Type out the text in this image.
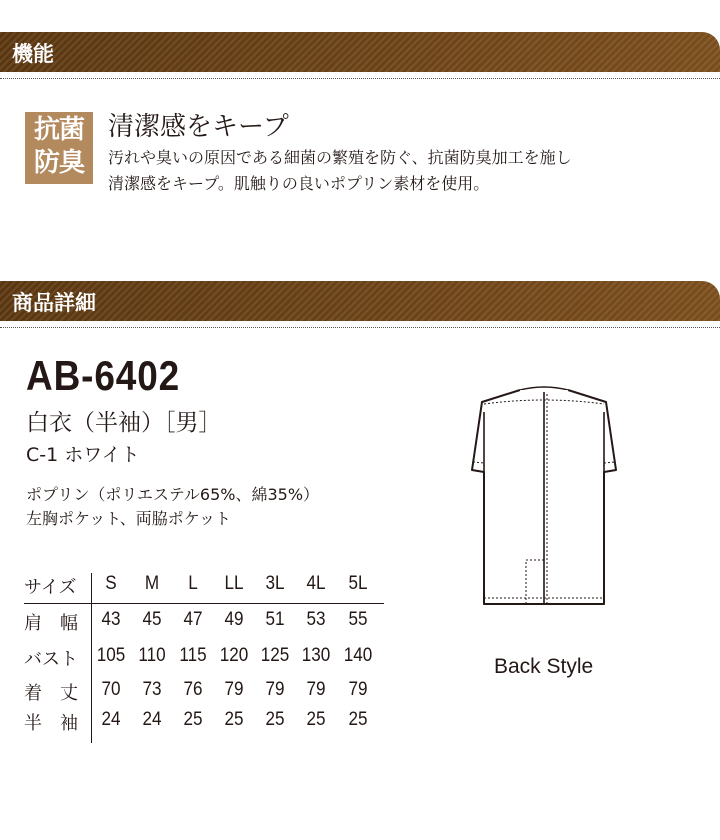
機能
抗菌
防臭
清潔感をキープ
汚れや臭いの原因である細菌の繁殖を防ぐ、抗菌防臭加工を施し
清潔感をキープ。肌触りの良いポプリン素材を使用。
商品詳細
AB-6402
白衣（半袖）［男］
C-1 ホワイト
ポプリン（ポリエステル65%、綿35%）
左胸ポケット、両脇ポケット
サイズ	S	M	L	LL	3L	4L	5L
肩　幅	43	45	47	49	51	53	55
バスト 105 110 115 120 125 130 140
着　丈	70	73	76	79	79	79	79
半　袖	24	24	25	25	25	25	25
Back Style
